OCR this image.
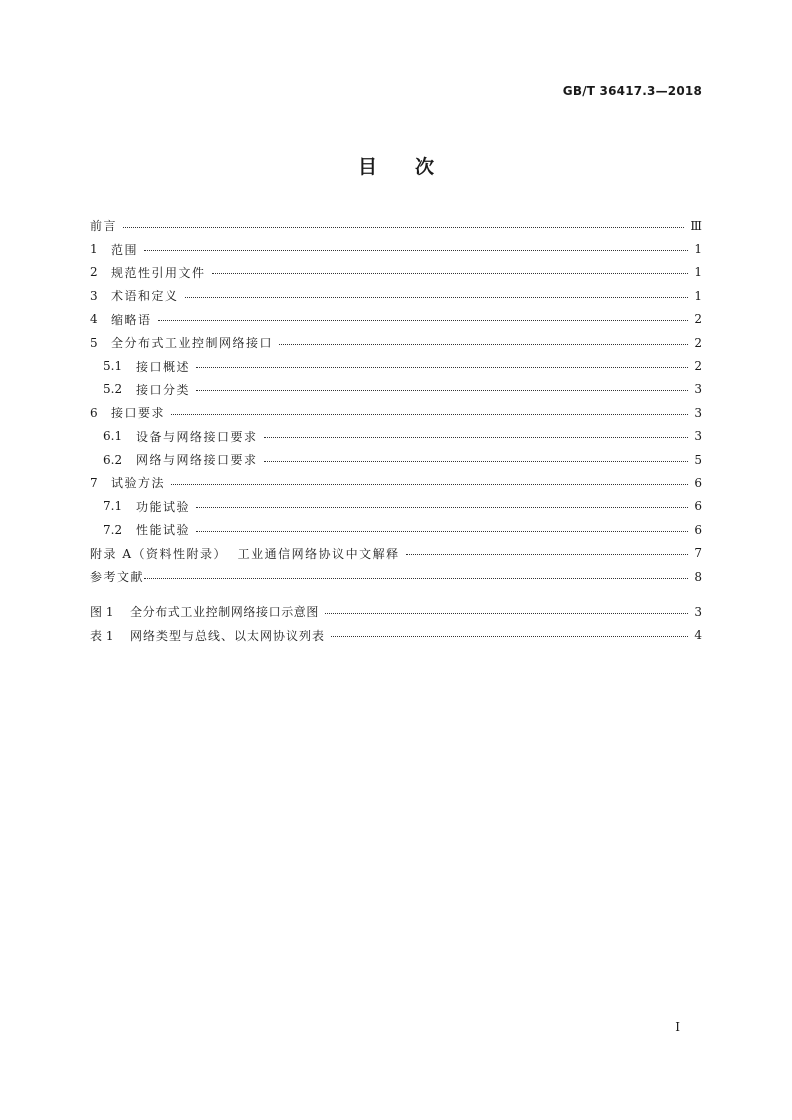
GB/T 36417.3—2018
目 次
前言	Ⅲ
1	范围	1
2	规范性引用文件	1
3	术语和定义	1
4	缩略语	2
5	全分布式工业控制网络接口	2
5.1	接口概述	2
5.2	接口分类	3
6	接口要求	3
6.1	设备与网络接口要求	3
6.2	网络与网络接口要求	5
7	试验方法	6
7.1	功能试验	6
7.2	性能试验	6
附录 A（资料性附录）  工业通信网络协议中文解释	7
参考文献	8
图 1	全分布式工业控制网络接口示意图	3
表 1	网络类型与总线、以太网协议列表	4
Ⅰ
